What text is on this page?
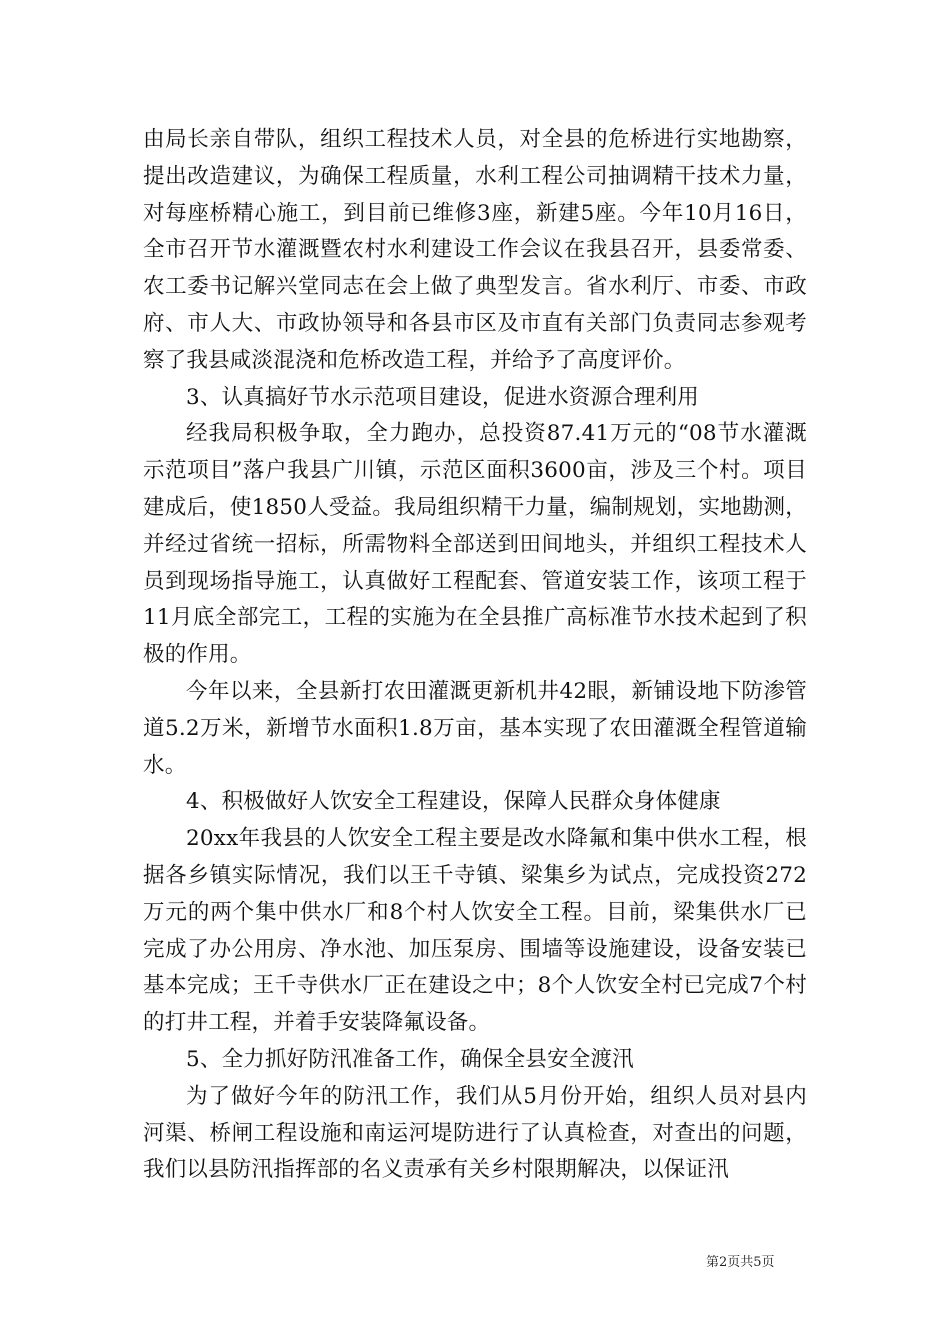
由局长亲自带队，组织工程技术人员，对全县的危桥进行实地勘察，提出改造建议，为确保工程质量，水利工程公司抽调精干技术力量，对每座桥精心施工，到目前已维修3座，新建5座。今年10月16日，全市召开节水灌溉暨农村水利建设工作会议在我县召开，县委常委、农工委书记解兴堂同志在会上做了典型发言。省水利厅、市委、市政府、市人大、市政协领导和各县市区及市直有关部门负责同志参观考察了我县咸淡混浇和危桥改造工程，并给予了高度评价。

3、认真搞好节水示范项目建设，促进水资源合理利用

经我局积极争取，全力跑办，总投资87.41万元的“08节水灌溉示范项目”落户我县广川镇，示范区面积3600亩，涉及三个村。项目建成后，使1850人受益。我局组织精干力量，编制规划，实地勘测，并经过省统一招标，所需物料全部送到田间地头，并组织工程技术人员到现场指导施工，认真做好工程配套、管道安装工作，该项工程于11月底全部完工，工程的实施为在全县推广高标准节水技术起到了积极的作用。

今年以来，全县新打农田灌溉更新机井42眼，新铺设地下防渗管道5.2万米，新增节水面积1.8万亩，基本实现了农田灌溉全程管道输水。

4、积极做好人饮安全工程建设，保障人民群众身体健康

20xx年我县的人饮安全工程主要是改水降氟和集中供水工程，根据各乡镇实际情况，我们以王千寺镇、梁集乡为试点，完成投资272万元的两个集中供水厂和8个村人饮安全工程。目前，梁集供水厂已完成了办公用房、净水池、加压泵房、围墙等设施建设，设备安装已基本完成；王千寺供水厂正在建设之中；8个人饮安全村已完成7个村的打井工程，并着手安装降氟设备。

5、全力抓好防汛准备工作，确保全县安全渡汛

为了做好今年的防汛工作，我们从5月份开始，组织人员对县内河渠、桥闸工程设施和南运河堤防进行了认真检查，对查出的问题，我们以县防汛指挥部的名义责承有关乡村限期解决，以保证汛

第2页共5页
